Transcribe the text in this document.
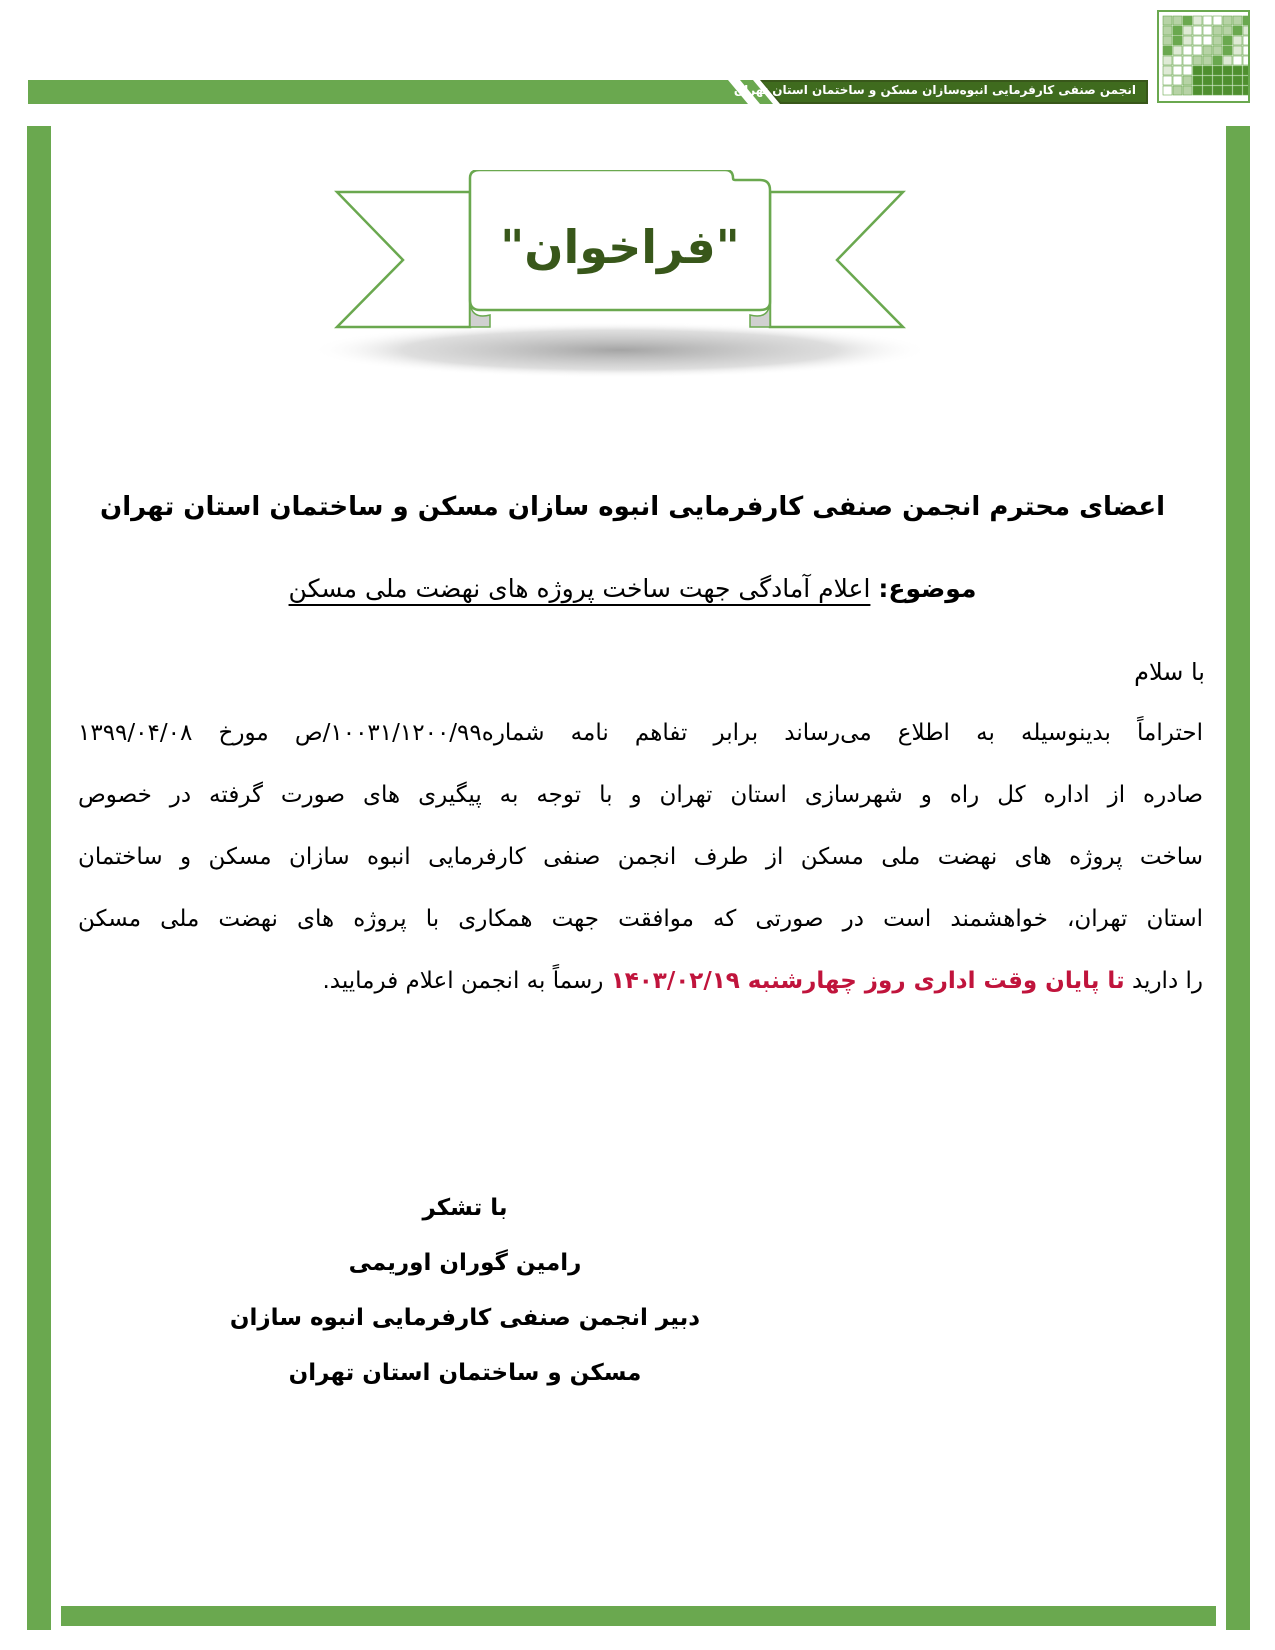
انجمن صنفی کارفرمایی انبوه‌سازان مسکن و ساختمان استان تهران
"فراخوان"
اعضای محترم انجمن صنفی کارفرمایی انبوه سازان مسکن و ساختمان استان تهران
موضوع: اعلام آمادگی جهت ساخت پروژه های نهضت ملی مسکن
با سلام
احتراماً بدینوسیله به اطلاع می‌رساند برابر تفاهم نامه شماره۱۰۰۳۱/۱۲۰۰/۹۹/ص مورخ ۱۳۹۹/۰۴/۰۸
صادره از اداره کل راه و شهرسازی استان تهران و با توجه به پیگیری های صورت گرفته در خصوص
ساخت پروژه های نهضت ملی مسکن از طرف انجمن صنفی کارفرمایی انبوه سازان مسکن و ساختمان
استان تهران، خواهشمند است در صورتی که موافقت جهت همکاری با پروژه های نهضت ملی مسکن
را دارید تا پایان وقت اداری روز چهارشنبه ۱۴۰۳/۰۲/۱۹ رسماً به انجمن اعلام فرمایید.
با تشکر
رامین گوران اوریمی
دبیر انجمن صنفی کارفرمایی انبوه سازان
مسکن و ساختمان استان تهران
